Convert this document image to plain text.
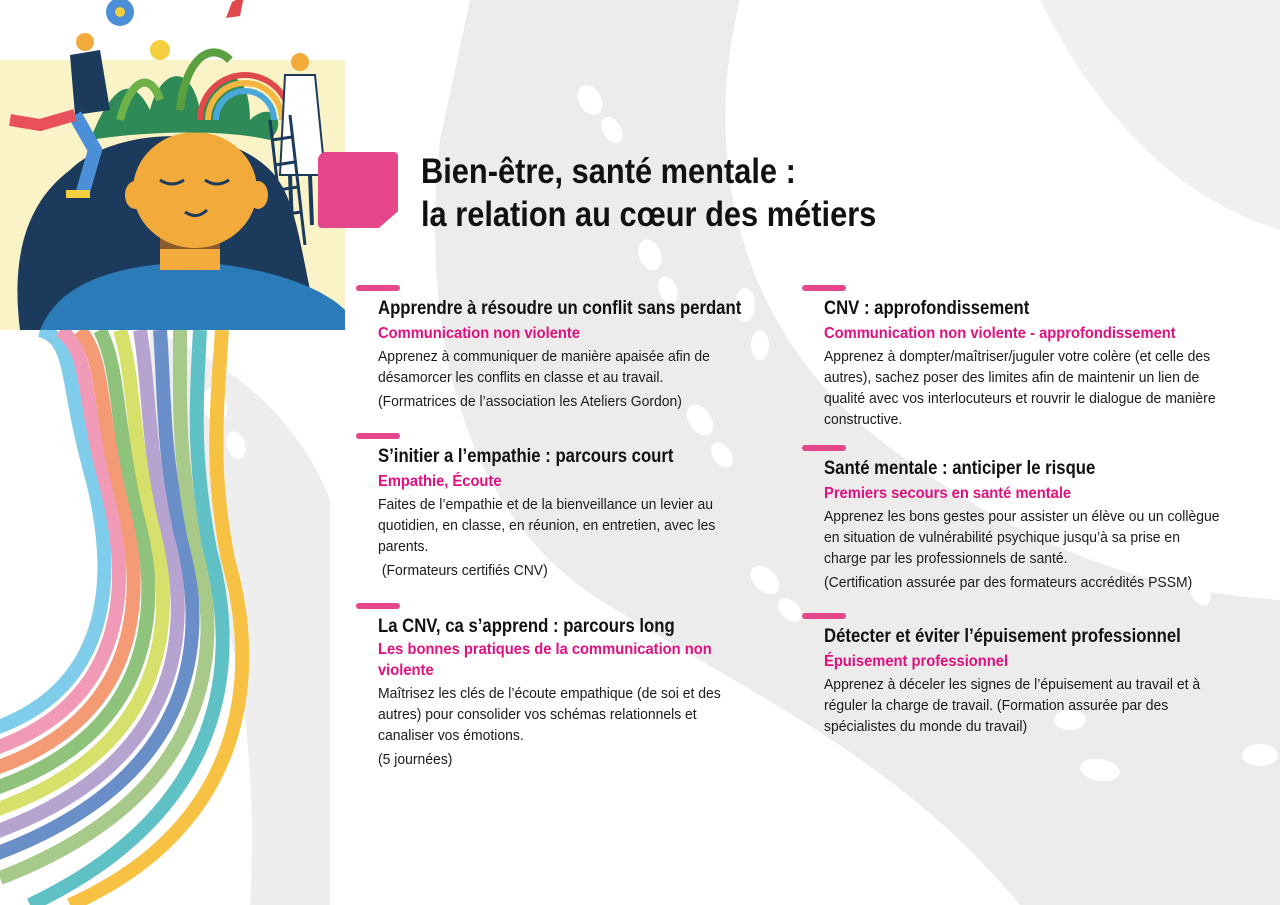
Bien-être, santé mentale :
la relation au cœur des métiers
Apprendre à résoudre un conflit sans perdant

Communication non violente

Apprenez à communiquer de manière apaisée afin de désamorcer les conflits en classe et au travail.

(Formatrices de l’association les Ateliers Gordon)

S’initier a l’empathie : parcours court

Empathie, Écoute

Faites de l’empathie et de la bienveillance un levier au quotidien, en classe, en réunion, en entretien, avec les parents.

(Formateurs certifiés CNV)

La CNV, ca s’apprend : parcours long

Les bonnes pratiques de la communication non violente

Maîtrisez les clés de l’écoute empathique (de soi et des autres) pour consolider vos schémas relationnels et canaliser vos émotions.

(5 journées)

CNV : approfondissement

Communication non violente - approfondissement

Apprenez à dompter/maîtriser/juguler votre colère (et celle des autres), sachez poser des limites afin de maintenir un lien de qualité avec vos interlocuteurs et rouvrir le dialogue de manière constructive.

Santé mentale : anticiper le risque

Premiers secours en santé mentale

Apprenez les bons gestes pour assister un élève ou un collègue en situation de vulnérabilité psychique jusqu’à sa prise en charge par les professionnels de santé.

(Certification assurée par des formateurs accrédités PSSM)

Détecter et éviter l’épuisement professionnel

Épuisement professionnel

Apprenez à déceler les signes de l’épuisement au travail et à réguler la charge de travail. (Formation assurée par des spécialistes du monde du travail)
